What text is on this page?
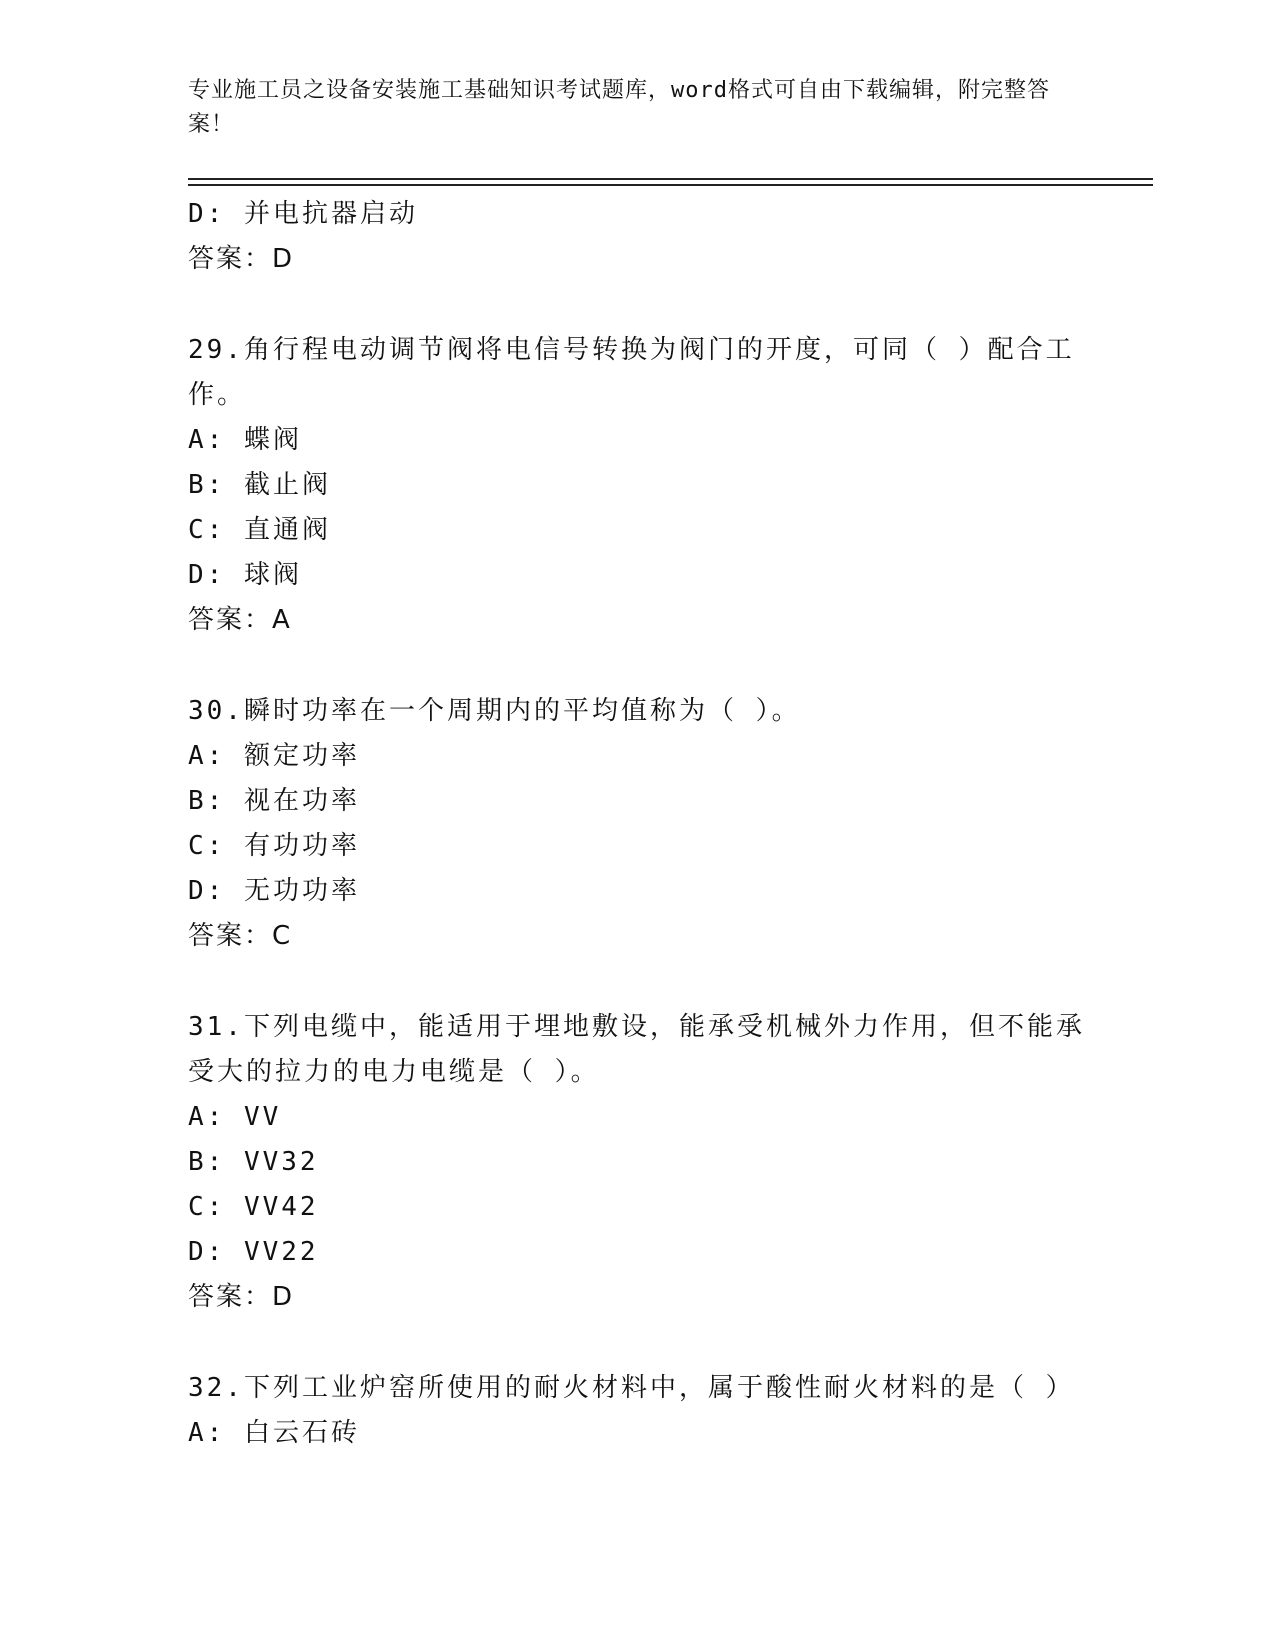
专业施工员之设备安装施工基础知识考试题库，word格式可自由下载编辑，附完整答案！
D: 并电抗器启动
答案：D
29.角行程电动调节阀将电信号转换为阀门的开度，可同（ ）配合工
作。
A: 蝶阀
B: 截止阀
C: 直通阀
D: 球阀
答案：A
30.瞬时功率在一个周期内的平均值称为（ ）。
A: 额定功率
B: 视在功率
C: 有功功率
D: 无功功率
答案：C
31.下列电缆中，能适用于埋地敷设，能承受机械外力作用，但不能承
受大的拉力的电力电缆是（ ）。
A: VV
B: VV32
C: VV42
D: VV22
答案：D
32.下列工业炉窑所使用的耐火材料中，属于酸性耐火材料的是（ ）
A: 白云石砖
